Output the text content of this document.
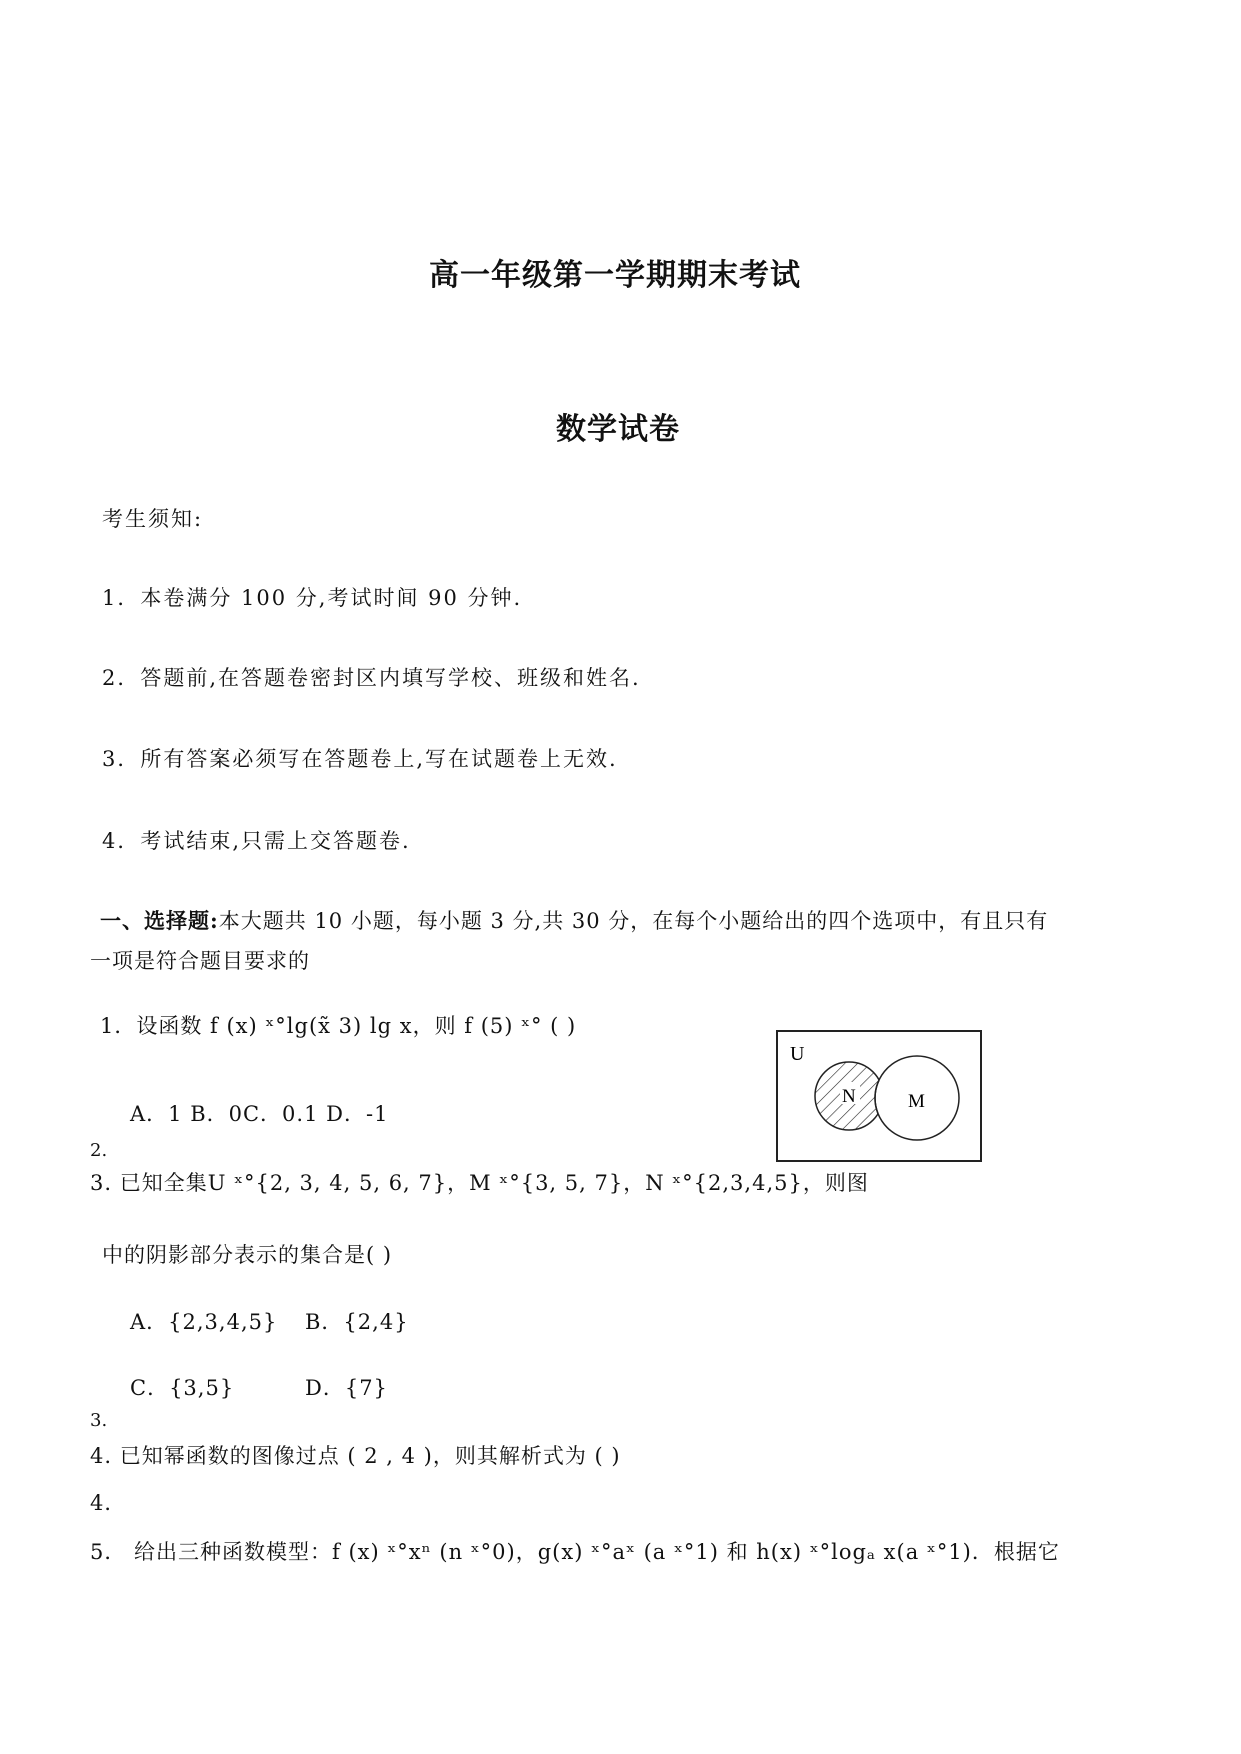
高一年级第一学期期末考试
数学试卷
考生须知:
1．本卷满分 100 分,考试时间 90 分钟.
2．答题前,在答题卷密封区内填写学校、班级和姓名.
3．所有答案必须写在答题卷上,写在试题卷上无效.
4．考试结束,只需上交答题卷.
一、选择题:本大题共 10 小题，每小题 3 分,共 30 分，在每个小题给出的四个选项中，有且只有
一项是符合题目要求的
1．设函数 f (x) ˣ°lg(x̃ 3) lg x，则 f (5) ˣ° ( )
A．1 B．0C．0.1 D．-1
U
N	M
2.
3. 已知全集U ˣ°{2, 3, 4, 5, 6, 7}，M ˣ°{3, 5, 7}，N ˣ°{2,3,4,5}，则图
中的阴影部分表示的集合是( )
A．{2,3,4,5} B．{2,4}
C．{3,5}	D．{7}
3.
4. 已知幂函数的图像过点 ( 2 , 4 )，则其解析式为 ( )
4．
5． 给出三种函数模型：f (x) ˣ°xⁿ (n ˣ°0)，g(x) ˣ°aˣ (a ˣ°1) 和 h(x) ˣ°logₐ x(a ˣ°1)．根据它
